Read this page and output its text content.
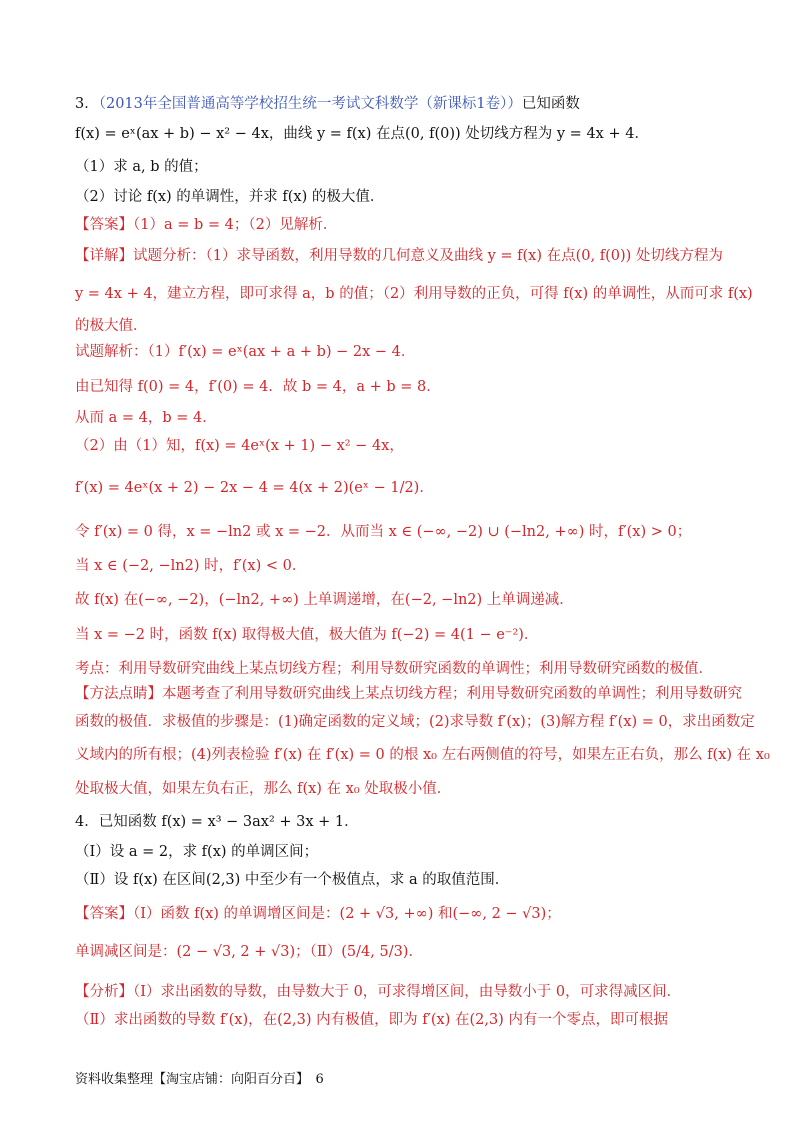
3．（2013年全国普通高等学校招生统一考试文科数学（新课标1卷））已知函数
f(x) = eˣ(ax + b) − x² − 4x，曲线 y = f(x) 在点(0, f(0)) 处切线方程为 y = 4x + 4．
（1）求 a, b 的值；
（2）讨论 f(x) 的单调性，并求 f(x) 的极大值．
【答案】（1）a = b = 4；（2）见解析．
【详解】试题分析：（1）求导函数，利用导数的几何意义及曲线 y = f(x) 在点(0, f(0)) 处切线方程为
y = 4x + 4，建立方程，即可求得 a，b 的值；（2）利用导数的正负，可得 f(x) 的单调性，从而可求 f(x)
的极大值．
试题解析：（1）f′(x) = eˣ(ax + a + b) − 2x − 4．
由已知得 f(0) = 4，f′(0) = 4．故 b = 4，a + b = 8．
从而 a = 4，b = 4．
（2）由（1）知，f(x) = 4eˣ(x + 1) − x² − 4x，
f′(x) = 4eˣ(x + 2) − 2x − 4 = 4(x + 2)(eˣ − 1/2)．
令 f′(x) = 0 得，x = −ln2 或 x = −2．从而当 x ∈ (−∞, −2) ∪ (−ln2, +∞) 时，f′(x) > 0；
当 x ∈ (−2, −ln2) 时，f′(x) < 0．
故 f(x) 在(−∞, −2)，(−ln2, +∞) 上单调递增，在(−2, −ln2) 上单调递减．
当 x = −2 时，函数 f(x) 取得极大值，极大值为 f(−2) = 4(1 − e⁻²)．
考点：利用导数研究曲线上某点切线方程；利用导数研究函数的单调性；利用导数研究函数的极值．
【方法点睛】本题考查了利用导数研究曲线上某点切线方程；利用导数研究函数的单调性；利用导数研究
函数的极值．求极值的步骤是：(1)确定函数的定义域；(2)求导数 f′(x)；(3)解方程 f′(x) = 0，求出函数定
义域内的所有根；(4)列表检验 f′(x) 在 f′(x) = 0 的根 x₀ 左右两侧值的符号，如果左正右负，那么 f(x) 在 x₀
处取极大值，如果左负右正，那么 f(x) 在 x₀ 处取极小值．
4．已知函数 f(x) = x³ − 3ax² + 3x + 1．
（Ⅰ）设 a = 2，求 f(x) 的单调区间；
（Ⅱ）设 f(x) 在区间(2,3) 中至少有一个极值点，求 a 的取值范围．
【答案】（Ⅰ）函数 f(x) 的单调增区间是：(2 + √3, +∞) 和(−∞, 2 − √3)；
单调减区间是：(2 − √3, 2 + √3)；（Ⅱ）(5/4, 5/3)．
【分析】（Ⅰ）求出函数的导数，由导数大于 0，可求得增区间，由导数小于 0，可求得减区间．
（Ⅱ）求出函数的导数 f′(x)，在(2,3) 内有极值，即为 f′(x) 在(2,3) 内有一个零点，即可根据
资料收集整理【淘宝店铺：向阳百分百】　6
